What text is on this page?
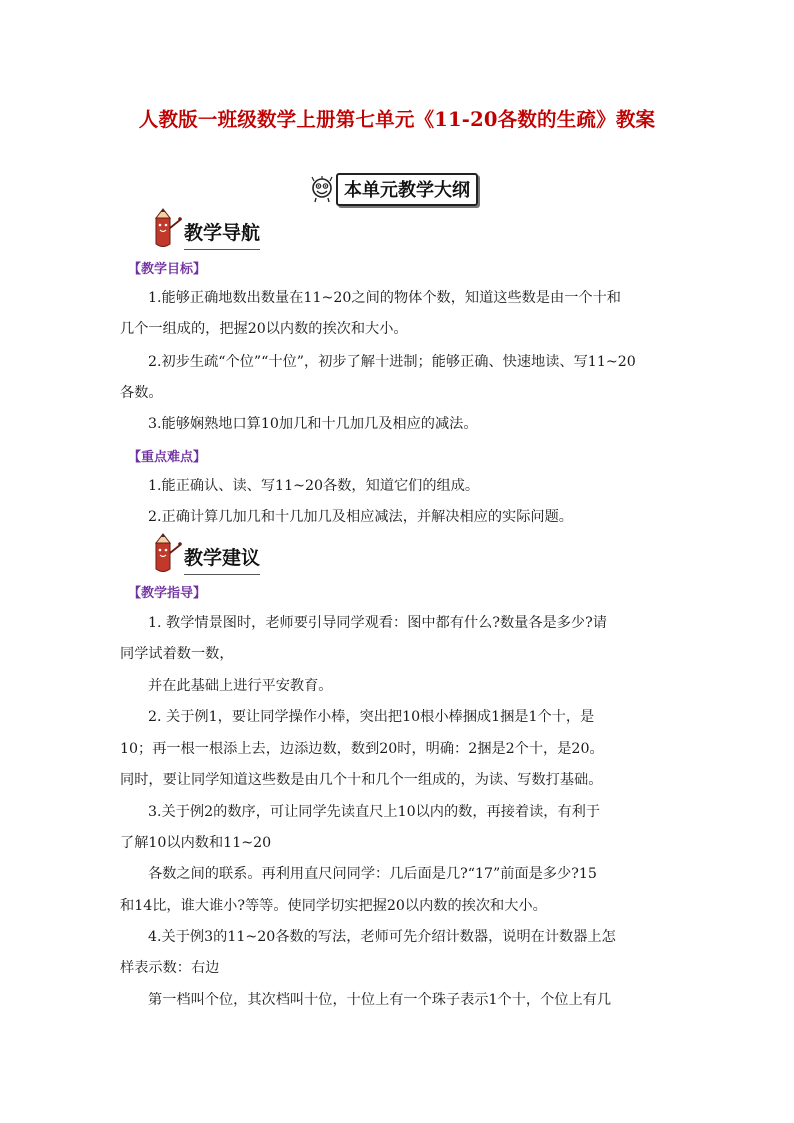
人教版一班级数学上册第七单元《11-20各数的生疏》教案
本单元教学大纲
教学导航
【教学目标】
1.能够正确地数出数量在11~20之间的物体个数，知道这些数是由一个十和
几个一组成的，把握20以内数的挨次和大小。
2.初步生疏“个位”“十位”，初步了解十进制；能够正确、快速地读、写11~20
各数。
3.能够娴熟地口算10加几和十几加几及相应的减法。
【重点难点】
1.能正确认、读、写11~20各数，知道它们的组成。
2.正确计算几加几和十几加几及相应减法，并解决相应的实际问题。
教学建议
【教学指导】
1. 教学情景图时，老师要引导同学观看：图中都有什么?数量各是多少?请
同学试着数一数，
并在此基础上进行平安教育。
2. 关于例1，要让同学操作小棒，突出把10根小棒捆成1捆是1个十，是
10；再一根一根添上去，边添边数，数到20时，明确：2捆是2个十，是20。
同时，要让同学知道这些数是由几个十和几个一组成的，为读、写数打基础。
3.关于例2的数序，可让同学先读直尺上10以内的数，再接着读，有利于
了解10以内数和11~20
各数之间的联系。再利用直尺问同学：几后面是几?“17”前面是多少?15
和14比，谁大谁小?等等。使同学切实把握20以内数的挨次和大小。
4.关于例3的11~20各数的写法，老师可先介绍计数器，说明在计数器上怎
样表示数：右边
第一档叫个位，其次档叫十位，十位上有一个珠子表示1个十，个位上有几
